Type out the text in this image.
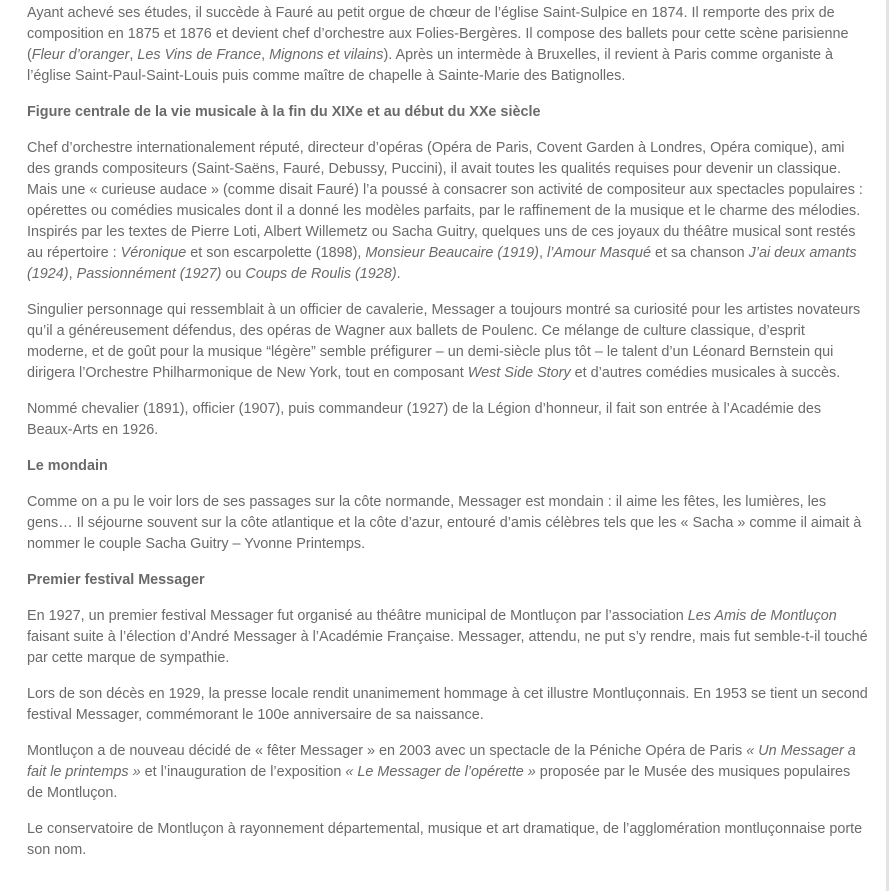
Ayant achevé ses études, il succède à Fauré au petit orgue de chœur de l’église Saint-Sulpice en 1874. Il remporte des prix de composition en 1875 et 1876 et devient chef d’orchestre aux Folies-Bergères. Il compose des ballets pour cette scène parisienne (Fleur d’oranger, Les Vins de France, Mignons et vilains). Après un intermède à Bruxelles, il revient à Paris comme organiste à l’église Saint-Paul-Saint-Louis puis comme maître de chapelle à Sainte-Marie des Batignolles.

Figure centrale de la vie musicale à la fin du XIXe et au début du XXe siècle

Chef d’orchestre internationalement réputé, directeur d’opéras (Opéra de Paris, Covent Garden à Londres, Opéra comique), ami des grands compositeurs (Saint-Saëns, Fauré, Debussy, Puccini), il avait toutes les qualités requises pour devenir un classique. Mais une « curieuse audace » (comme disait Fauré) l’a poussé à consacrer son activité de compositeur aux spectacles populaires : opérettes ou comédies musicales dont il a donné les modèles parfaits, par le raffinement de la musique et le charme des mélodies. Inspirés par les textes de Pierre Loti, Albert Willemetz ou Sacha Guitry, quelques uns de ces joyaux du théâtre musical sont restés au répertoire : Véronique et son escarpolette (1898), Monsieur Beaucaire (1919), l’Amour Masqué et sa chanson J’ai deux amants (1924), Passionnément (1927) ou Coups de Roulis (1928).

Singulier personnage qui ressemblait à un officier de cavalerie, Messager a toujours montré sa curiosité pour les artistes novateurs qu’il a généreusement défendus, des opéras de Wagner aux ballets de Poulenc. Ce mélange de culture classique, d’esprit moderne, et de goût pour la musique “légère” semble préfigurer – un demi-siècle plus tôt – le talent d’un Léonard Bernstein qui dirigera l’Orchestre Philharmonique de New York, tout en composant West Side Story et d’autres comédies musicales à succès.

Nommé chevalier (1891), officier (1907), puis commandeur (1927) de la Légion d’honneur, il fait son entrée à l’Académie des Beaux-Arts en 1926.

Le mondain

Comme on a pu le voir lors de ses passages sur la côte normande, Messager est mondain : il aime les fêtes, les lumières, les gens… Il séjourne souvent sur la côte atlantique et la côte d’azur, entouré d’amis célèbres tels que les « Sacha » comme il aimait à nommer le couple Sacha Guitry – Yvonne Printemps.

Premier festival Messager

En 1927, un premier festival Messager fut organisé au théâtre municipal de Montluçon par l’association Les Amis de Montluçon faisant suite à l’élection d’André Messager à l’Académie Française. Messager, attendu, ne put s’y rendre, mais fut semble-t-il touché par cette marque de sympathie.

Lors de son décès en 1929, la presse locale rendit unanimement hommage à cet illustre Montluçonnais. En 1953 se tient un second festival Messager, commémorant le 100e anniversaire de sa naissance.

Montluçon a de nouveau décidé de « fêter Messager » en 2003 avec un spectacle de la Péniche Opéra de Paris « Un Messager a fait le printemps » et l’inauguration de l’exposition « Le Messager de l’opérette » proposée par le Musée des musiques populaires de Montluçon.

Le conservatoire de Montluçon à rayonnement départemental, musique et art dramatique, de l’agglomération montluçonnaise porte son nom.
